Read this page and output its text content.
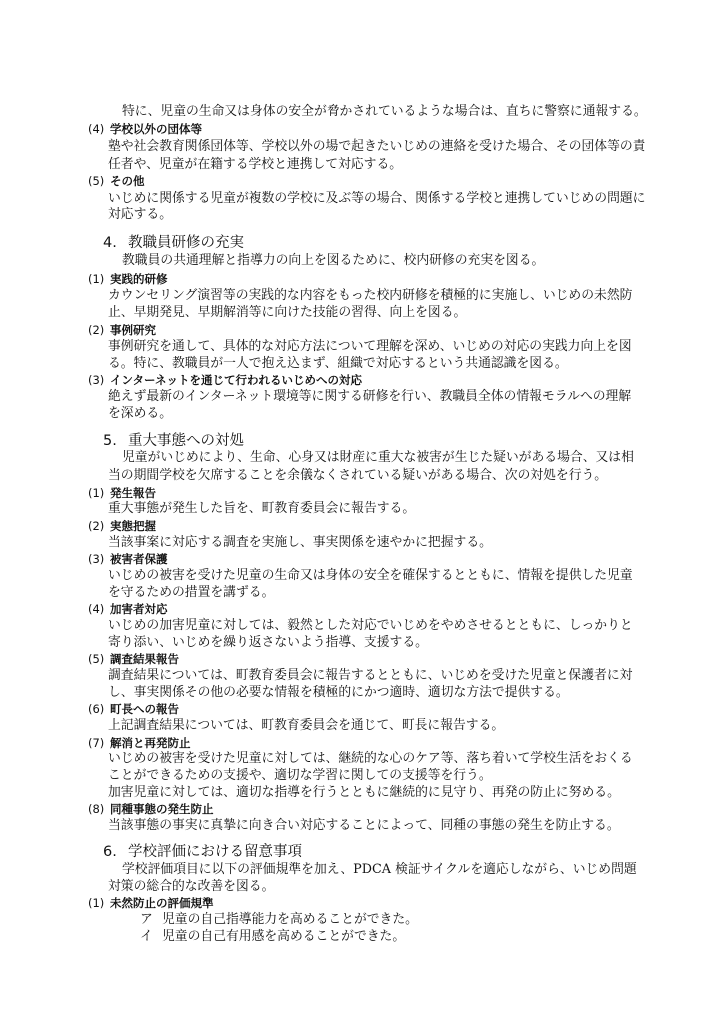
特に、児童の生命又は身体の安全が脅かされているような場合は、直ちに警察に通報する。
(4) 学校以外の団体等
塾や社会教育関係団体等、学校以外の場で起きたいじめの連絡を受けた場合、その団体等の責
任者や、児童が在籍する学校と連携して対応する。
(5) その他
いじめに関係する児童が複数の学校に及ぶ等の場合、関係する学校と連携していじめの問題に
対応する。
4. 教職員研修の充実
教職員の共通理解と指導力の向上を図るために、校内研修の充実を図る。
(1) 実践的研修
カウンセリング演習等の実践的な内容をもった校内研修を積極的に実施し、いじめの未然防
止、早期発見、早期解消等に向けた技能の習得、向上を図る。
(2) 事例研究
事例研究を通して、具体的な対応方法について理解を深め、いじめの対応の実践力向上を図
る。特に、教職員が一人で抱え込まず、組織で対応するという共通認識を図る。
(3) インターネットを通じて行われるいじめへの対応
絶えず最新のインターネット環境等に関する研修を行い、教職員全体の情報モラルへの理解
を深める。
5. 重大事態への対処
児童がいじめにより、生命、心身又は財産に重大な被害が生じた疑いがある場合、又は相
当の期間学校を欠席することを余儀なくされている疑いがある場合、次の対処を行う。
(1) 発生報告
重大事態が発生した旨を、町教育委員会に報告する。
(2) 実態把握
当該事案に対応する調査を実施し、事実関係を速やかに把握する。
(3) 被害者保護
いじめの被害を受けた児童の生命又は身体の安全を確保するとともに、情報を提供した児童
を守るための措置を講ずる。
(4) 加害者対応
いじめの加害児童に対しては、毅然とした対応でいじめをやめさせるとともに、しっかりと
寄り添い、いじめを繰り返さないよう指導、支援する。
(5) 調査結果報告
調査結果については、町教育委員会に報告するとともに、いじめを受けた児童と保護者に対
し、事実関係その他の必要な情報を積極的にかつ適時、適切な方法で提供する。
(6) 町長への報告
上記調査結果については、町教育委員会を通じて、町長に報告する。
(7) 解消と再発防止
いじめの被害を受けた児童に対しては、継続的な心のケア等、落ち着いて学校生活をおくる
ことができるための支援や、適切な学習に関しての支援等を行う。
加害児童に対しては、適切な指導を行うとともに継続的に見守り、再発の防止に努める。
(8) 同種事態の発生防止
当該事態の事実に真摯に向き合い対応することによって、同種の事態の発生を防止する。
6. 学校評価における留意事項
学校評価項目に以下の評価規準を加え、PDCA 検証サイクルを適応しながら、いじめ問題
対策の総合的な改善を図る。
(1) 未然防止の評価規準
ア 児童の自己指導能力を高めることができた。
イ 児童の自己有用感を高めることができた。
